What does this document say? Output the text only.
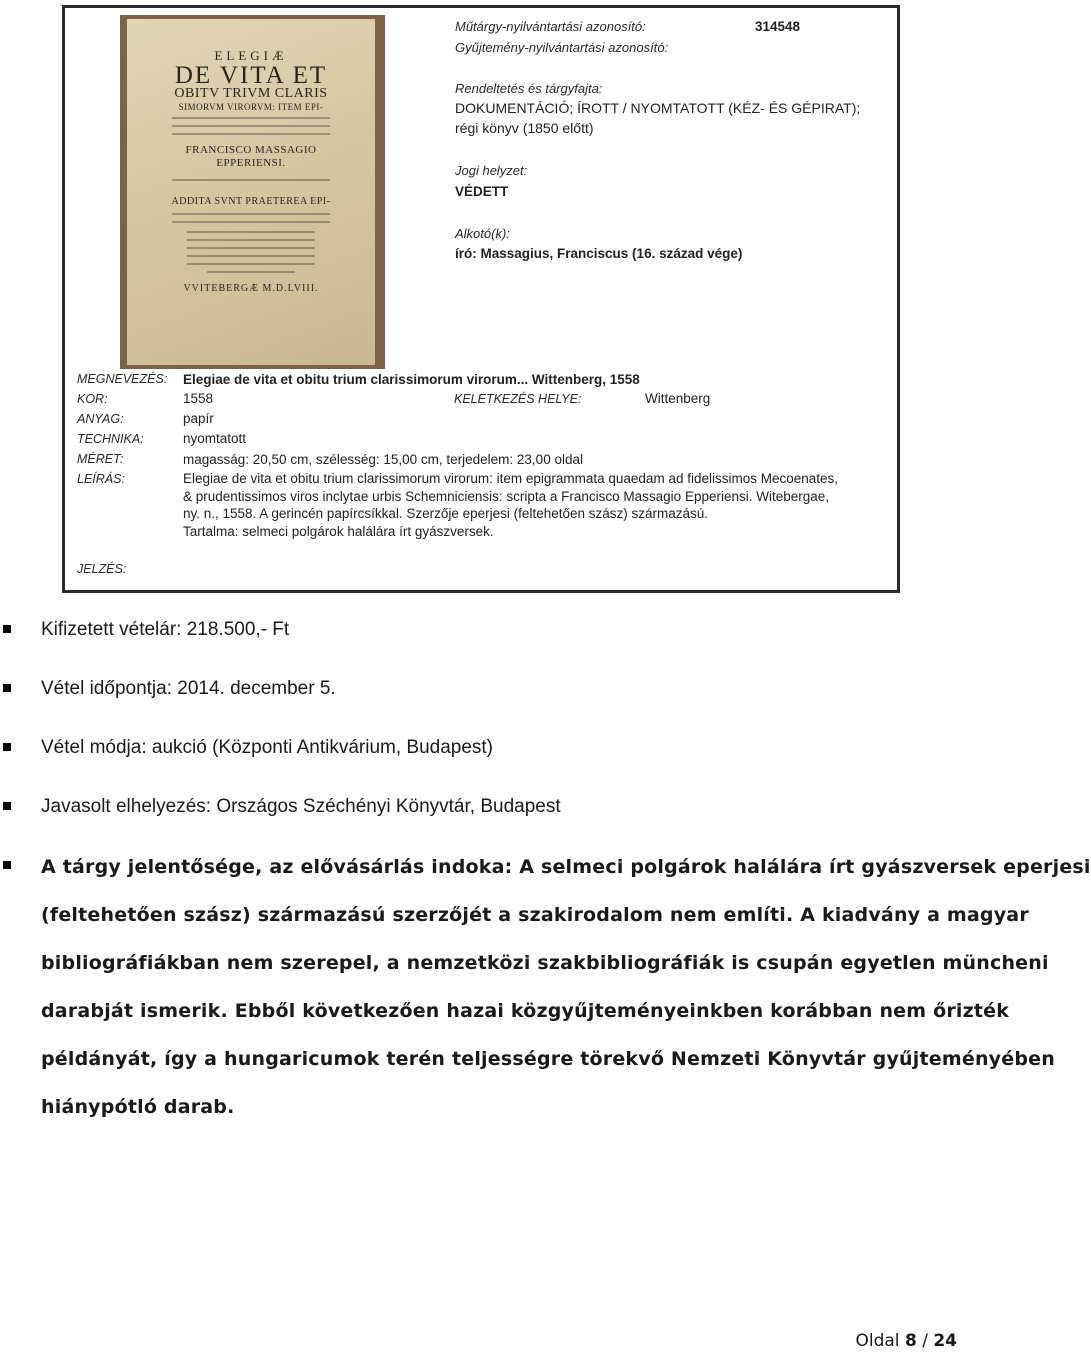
ELEGIÆ
DE VITA ET
OBITV TRIVM CLARIS
SIMORVM VIRORVM: ITEM EPI-
FRANCISCO MASSAGIO
EPPERIENSI.
ADDITA SVNT PRAETEREA EPI-
VVITEBERGÆ M.D.LVIII.
Műtárgy-nyilvántartási azonosító:	314548
Gyűjtemény-nyilvántartási azonosító:
Rendeltetés és tárgyfajta:
DOKUMENTÁCIÓ; ÍROTT / NYOMTATOTT (KÉZ- ÉS GÉPIRAT);
régi könyv (1850 előtt)
Jogi helyzet:
VÉDETT
Alkotó(k):
író: Massagius, Franciscus (16. század vége)
MEGNEVEZÉS: Elegiae de vita et obitu trium clarissimorum virorum... Wittenberg, 1558
KOR:	1558	KELETKEZÉS HELYE:	Wittenberg
ANYAG:	papír
TECHNIKA:	nyomtatott
MÉRET:	magasság: 20,50 cm, szélesség: 15,00 cm, terjedelem: 23,00 oldal
LEÍRÁS:	Elegiae de vita et obitu trium clarissimorum virorum: item epigrammata quaedam ad fidelissimos Mecoenates,
& prudentissimos viros inclytae urbis Schemniciensis: scripta a Francisco Massagio Epperiensi. Witebergae,
ny. n., 1558. A gerincén papírcsíkkal. Szerzője eperjesi (feltehetően szász) származású.
Tartalma: selmeci polgárok halálára írt gyászversek.
JELZÉS:
Kifizetett vételár: 218.500,- Ft
Vétel időpontja: 2014. december 5.
Vétel módja: aukció (Központi Antikvárium, Budapest)
Javasolt elhelyezés: Országos Széchényi Könyvtár, Budapest
A tárgy jelentősége, az elővásárlás indoka: A selmeci polgárok halálára írt gyászversek eperjesi
(feltehetően szász) származású szerzőjét a szakirodalom nem említi. A kiadvány a magyar
bibliográfiákban nem szerepel, a nemzetközi szakbibliográfiák is csupán egyetlen müncheni
darabját ismerik. Ebből következően hazai közgyűjteményeinkben korábban nem őrizték
példányát, így a hungaricumok terén teljességre törekvő Nemzeti Könyvtár gyűjteményében
hiánypótló darab.
Oldal 8 / 24
